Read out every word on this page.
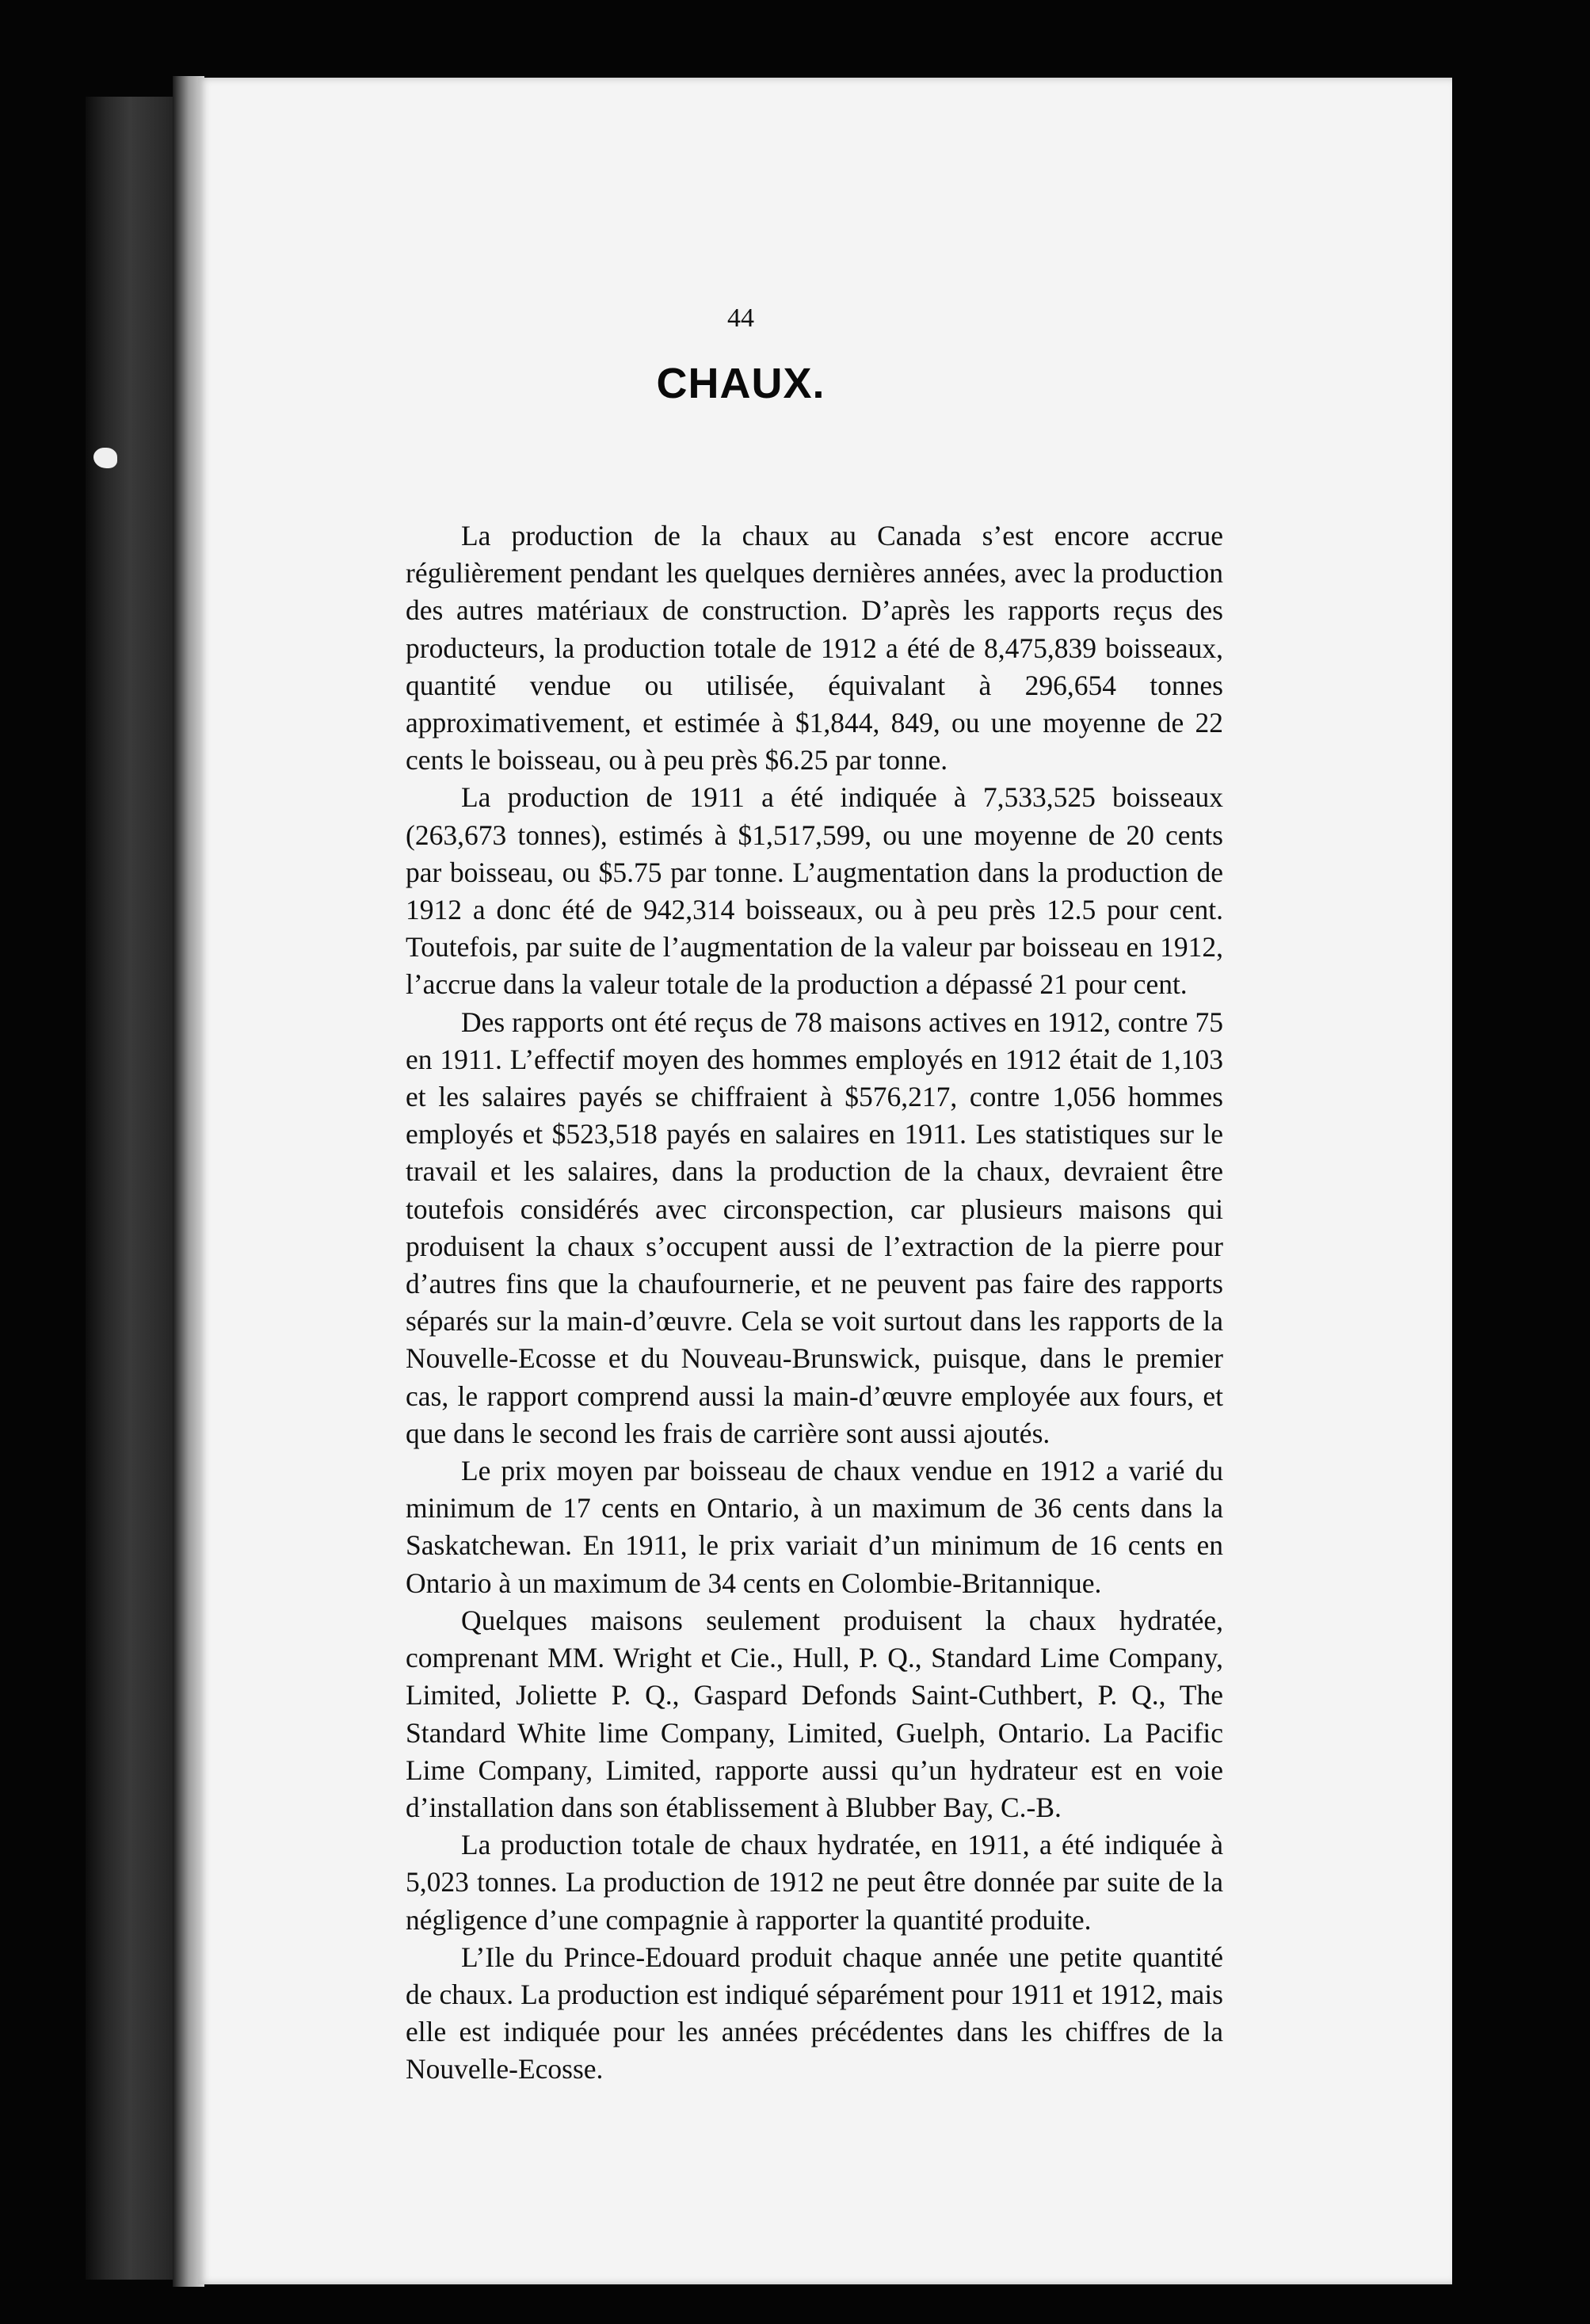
44
CHAUX.

La production de la chaux au Canada s’est encore accrue régulièrement pendant les quelques dernières années, avec la production des autres matériaux de construction. D’après les rapports reçus des producteurs, la production totale de 1912 a été de 8,475,839 boisseaux, quantité vendue ou utilisée, équivalant à 296,654 tonnes approximativement, et estimée à $1,844, 849, ou une moyenne de 22 cents le boisseau, ou à peu près $6.25 par tonne.

La production de 1911 a été indiquée à 7,533,525 boisseaux (263,673 tonnes), estimés à $1,517,599, ou une moyenne de 20 cents par boisseau, ou $5.75 par tonne. L’augmentation dans la production de 1912 a donc été de 942,314 boisseaux, ou à peu près 12.5 pour cent. Toutefois, par suite de l’augmentation de la valeur par boisseau en 1912, l’accrue dans la valeur totale de la production a dépassé 21 pour cent.

Des rapports ont été reçus de 78 maisons actives en 1912, contre 75 en 1911. L’effectif moyen des hommes employés en 1912 était de 1,103 et les salaires payés se chiffraient à $576,217, contre 1,056 hommes employés et $523,518 payés en salaires en 1911. Les statistiques sur le travail et les salaires, dans la production de la chaux, devraient être toutefois considérés avec circonspection, car plusieurs maisons qui produisent la chaux s’occupent aussi de l’extraction de la pierre pour d’autres fins que la chaufournerie, et ne peuvent pas faire des rapports séparés sur la main-d’œuvre. Cela se voit surtout dans les rapports de la Nouvelle-Ecosse et du Nouveau-Brunswick, puisque, dans le premier cas, le rapport comprend aussi la main-d’œuvre employée aux fours, et que dans le second les frais de carrière sont aussi ajoutés.

Le prix moyen par boisseau de chaux vendue en 1912 a varié du minimum de 17 cents en Ontario, à un maximum de 36 cents dans la Saskatchewan. En 1911, le prix variait d’un minimum de 16 cents en Ontario à un maximum de 34 cents en Colombie-Britannique.

Quelques maisons seulement produisent la chaux hydratée, comprenant MM. Wright et Cie., Hull, P. Q., Standard Lime Company, Limited, Joliette P. Q., Gaspard Defonds Saint-Cuthbert, P. Q., The Standard White lime Company, Limited, Guelph, Ontario. La Pacific Lime Company, Limited, rapporte aussi qu’un hydrateur est en voie d’installation dans son établissement à Blubber Bay, C.-B.

La production totale de chaux hydratée, en 1911, a été indiquée à 5,023 tonnes. La production de 1912 ne peut être donnée par suite de la négligence d’une compagnie à rapporter la quantité produite.

L’Ile du Prince-Edouard produit chaque année une petite quantité de chaux. La production est indiqué séparément pour 1911 et 1912, mais elle est indiquée pour les années précédentes dans les chiffres de la Nouvelle-Ecosse.
